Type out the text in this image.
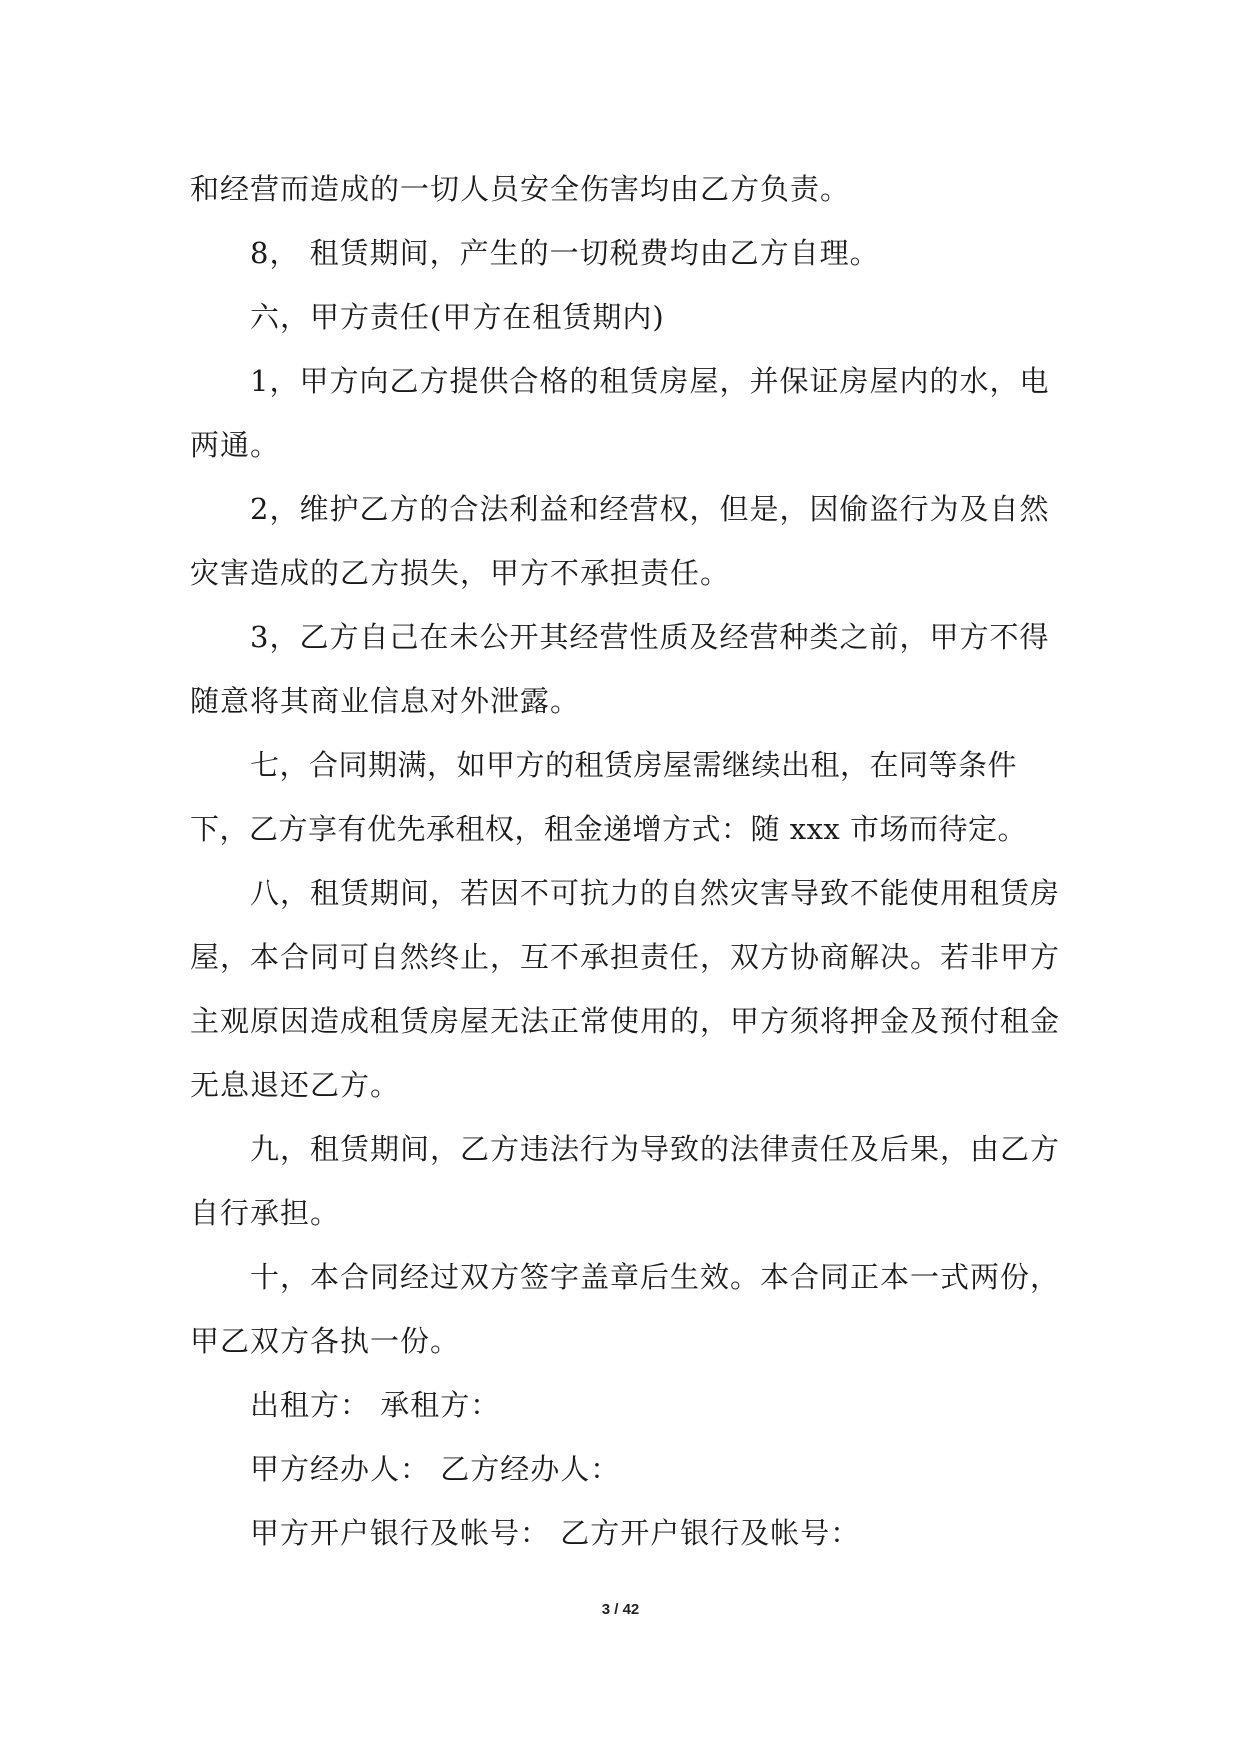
和经营而造成的一切人员安全伤害均由乙方负责。

8， 租赁期间，产生的一切税费均由乙方自理。

六，甲方责任(甲方在租赁期内)

1，甲方向乙方提供合格的租赁房屋，并保证房屋内的水，电两通。

2，维护乙方的合法利益和经营权，但是，因偷盗行为及自然灾害造成的乙方损失，甲方不承担责任。

3，乙方自己在未公开其经营性质及经营种类之前，甲方不得随意将其商业信息对外泄露。

七，合同期满，如甲方的租赁房屋需继续出租，在同等条件下，乙方享有优先承租权，租金递增方式：随 xxx 市场而待定。

八，租赁期间，若因不可抗力的自然灾害导致不能使用租赁房屋，本合同可自然终止，互不承担责任，双方协商解决。若非甲方主观原因造成租赁房屋无法正常使用的，甲方须将押金及预付租金无息退还乙方。

九，租赁期间，乙方违法行为导致的法律责任及后果，由乙方自行承担。

十，本合同经过双方签字盖章后生效。本合同正本一式两份，甲乙双方各执一份。

出租方： 承租方：

甲方经办人： 乙方经办人：

甲方开户银行及帐号： 乙方开户银行及帐号：

3 / 42
